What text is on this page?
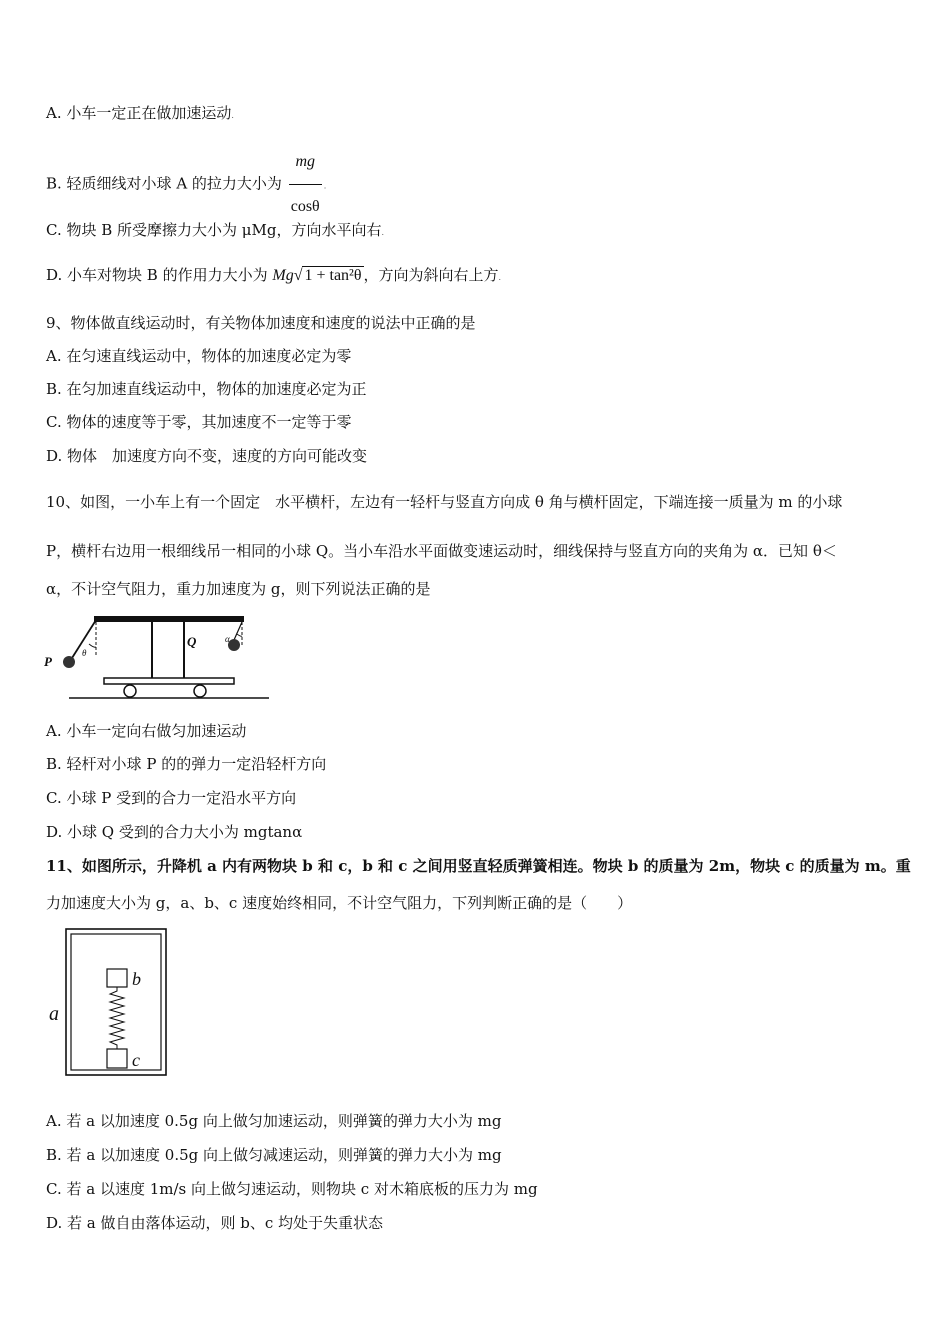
A. 小车一定正在做加速运动.
B. 轻质细线对小球 A 的拉力大小为 $\frac{mg}{\cos\theta}$ .
C. 物块 B 所受摩擦力大小为 μMg，方向水平向右.
D. 小车对物块 B 的作用力大小为 Mg√ 1 + tan²θ ，方向为斜向右上方.
9、物体做直线运动时，有关物体加速度和速度的说法中正确的是
A. 在匀速直线运动中，物体的加速度必定为零
B. 在匀加速直线运动中，物体的加速度必定为正
C. 物体的速度等于零，其加速度不一定等于零
D. 物体　加速度方向不变，速度的方向可能改变
10、如图，一小车上有一个固定　水平横杆，左边有一轻杆与竖直方向成 θ 角与横杆固定，下端连接一质量为 m 的小球
P，横杆右边用一根细线吊一相同的小球 Q。当小车沿水平面做变速运动时，细线保持与竖直方向的夹角为 α．已知 θ＜
α，不计空气阻力，重力加速度为 g，则下列说法正确的是
P
Q
θ
α
A. 小车一定向右做匀加速运动
B. 轻杆对小球 P 的的弹力一定沿轻杆方向
C. 小球 P 受到的合力一定沿水平方向
D. 小球 Q 受到的合力大小为 mgtanα
11、如图所示，升降机 a 内有两物块 b 和 c，b 和 c 之间用竖直轻质弹簧相连。物块 b 的质量为 2m，物块 c 的质量为 m。重
力加速度大小为 g，a、b、c 速度始终相同，不计空气阻力，下列判断正确的是（　　）
a
b
c
A. 若 a 以加速度 0.5g 向上做匀加速运动，则弹簧的弹力大小为 mg
B. 若 a 以加速度 0.5g 向上做匀减速运动，则弹簧的弹力大小为 mg
C. 若 a 以速度 1m/s 向上做匀速运动，则物块 c 对木箱底板的压力为 mg
D. 若 a 做自由落体运动，则 b、c 均处于失重状态
